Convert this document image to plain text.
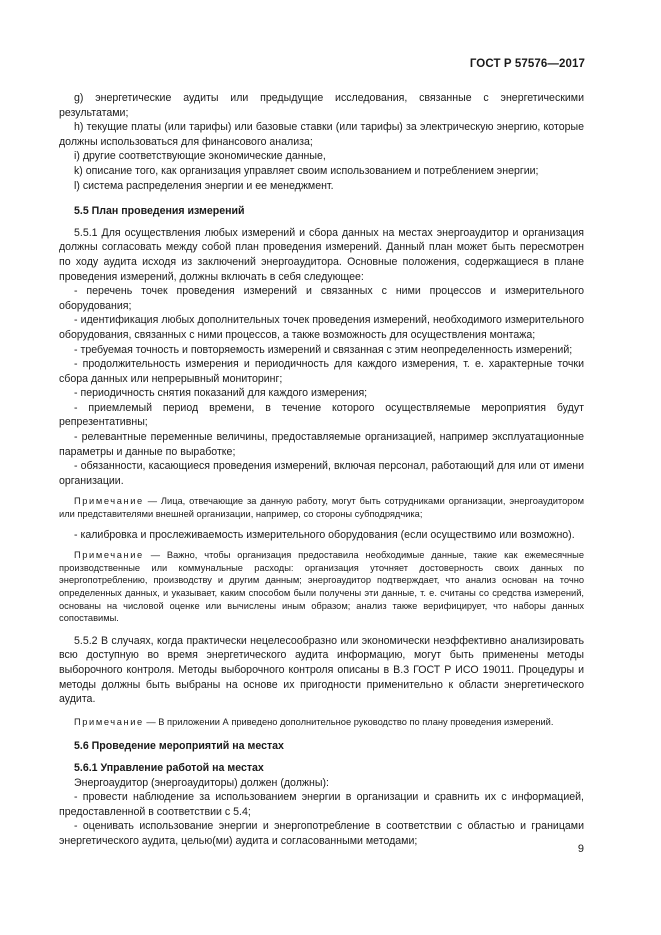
ГОСТ Р 57576—2017

g) энергетические аудиты или предыдущие исследования, связанные с энергетическими результатами;

h) текущие платы (или тарифы) или базовые ставки (или тарифы) за электрическую энергию, которые должны использоваться для финансового анализа;

i) другие соответствующие экономические данные,

k) описание того, как организация управляет своим использованием и потреблением энергии;

l) система распределения энергии и ее менеджмент.

5.5 План проведения измерений

5.5.1 Для осуществления любых измерений и сбора данных на местах энергоаудитор и организация должны согласовать между собой план проведения измерений. Данный план может быть пересмотрен по ходу аудита исходя из заключений энергоаудитора. Основные положения, содержащиеся в плане проведения измерений, должны включать в себя следующее:

- перечень точек проведения измерений и связанных с ними процессов и измерительного оборудования;

- идентификация любых дополнительных точек проведения измерений, необходимого измерительного оборудования, связанных с ними процессов, а также возможность для осуществления монтажа;

- требуемая точность и повторяемость измерений и связанная с этим неопределенность измерений;

- продолжительность измерения и периодичность для каждого измерения, т. е. характерные точки сбора данных или непрерывный мониторинг;

- периодичность снятия показаний для каждого измерения;

- приемлемый период времени, в течение которого осуществляемые мероприятия будут репрезентативны;

- релевантные переменные величины, предоставляемые организацией, например эксплуатационные параметры и данные по выработке;

- обязанности, касающиеся проведения измерений, включая персонал, работающий для или от имени организации.

Примечание — Лица, отвечающие за данную работу, могут быть сотрудниками организации, энергоаудитором или представителями внешней организации, например, со стороны субподрядчика;

- калибровка и прослеживаемость измерительного оборудования (если осуществимо или возможно).

Примечание — Важно, чтобы организация предоставила необходимые данные, такие как ежемесячные производственные или коммунальные расходы: организация уточняет достоверность своих данных по энергопотреблению, производству и другим данным; энергоаудитор подтверждает, что анализ основан на точно определенных данных, и указывает, каким способом были получены эти данные, т. е. считаны со средства измерений, основаны на числовой оценке или вычислены иным образом; анализ также верифицирует, что наборы данных сопоставимы.

5.5.2 В случаях, когда практически нецелесообразно или экономически неэффективно анализировать всю доступную во время энергетического аудита информацию, могут быть применены методы выборочного контроля. Методы выборочного контроля описаны в В.3 ГОСТ Р ИСО 19011. Процедуры и методы должны быть выбраны на основе их пригодности применительно к области энергетического аудита.

Примечание — В приложении А приведено дополнительное руководство по плану проведения измерений.

5.6 Проведение мероприятий на местах

5.6.1 Управление работой на местах

Энергоаудитор (энергоаудиторы) должен (должны):

- провести наблюдение за использованием энергии в организации и сравнить их с информацией, предоставленной в соответствии с 5.4;

- оценивать использование энергии и энергопотребление в соответствии с областью и границами энергетического аудита, целью(ми) аудита и согласованными методами;

9
